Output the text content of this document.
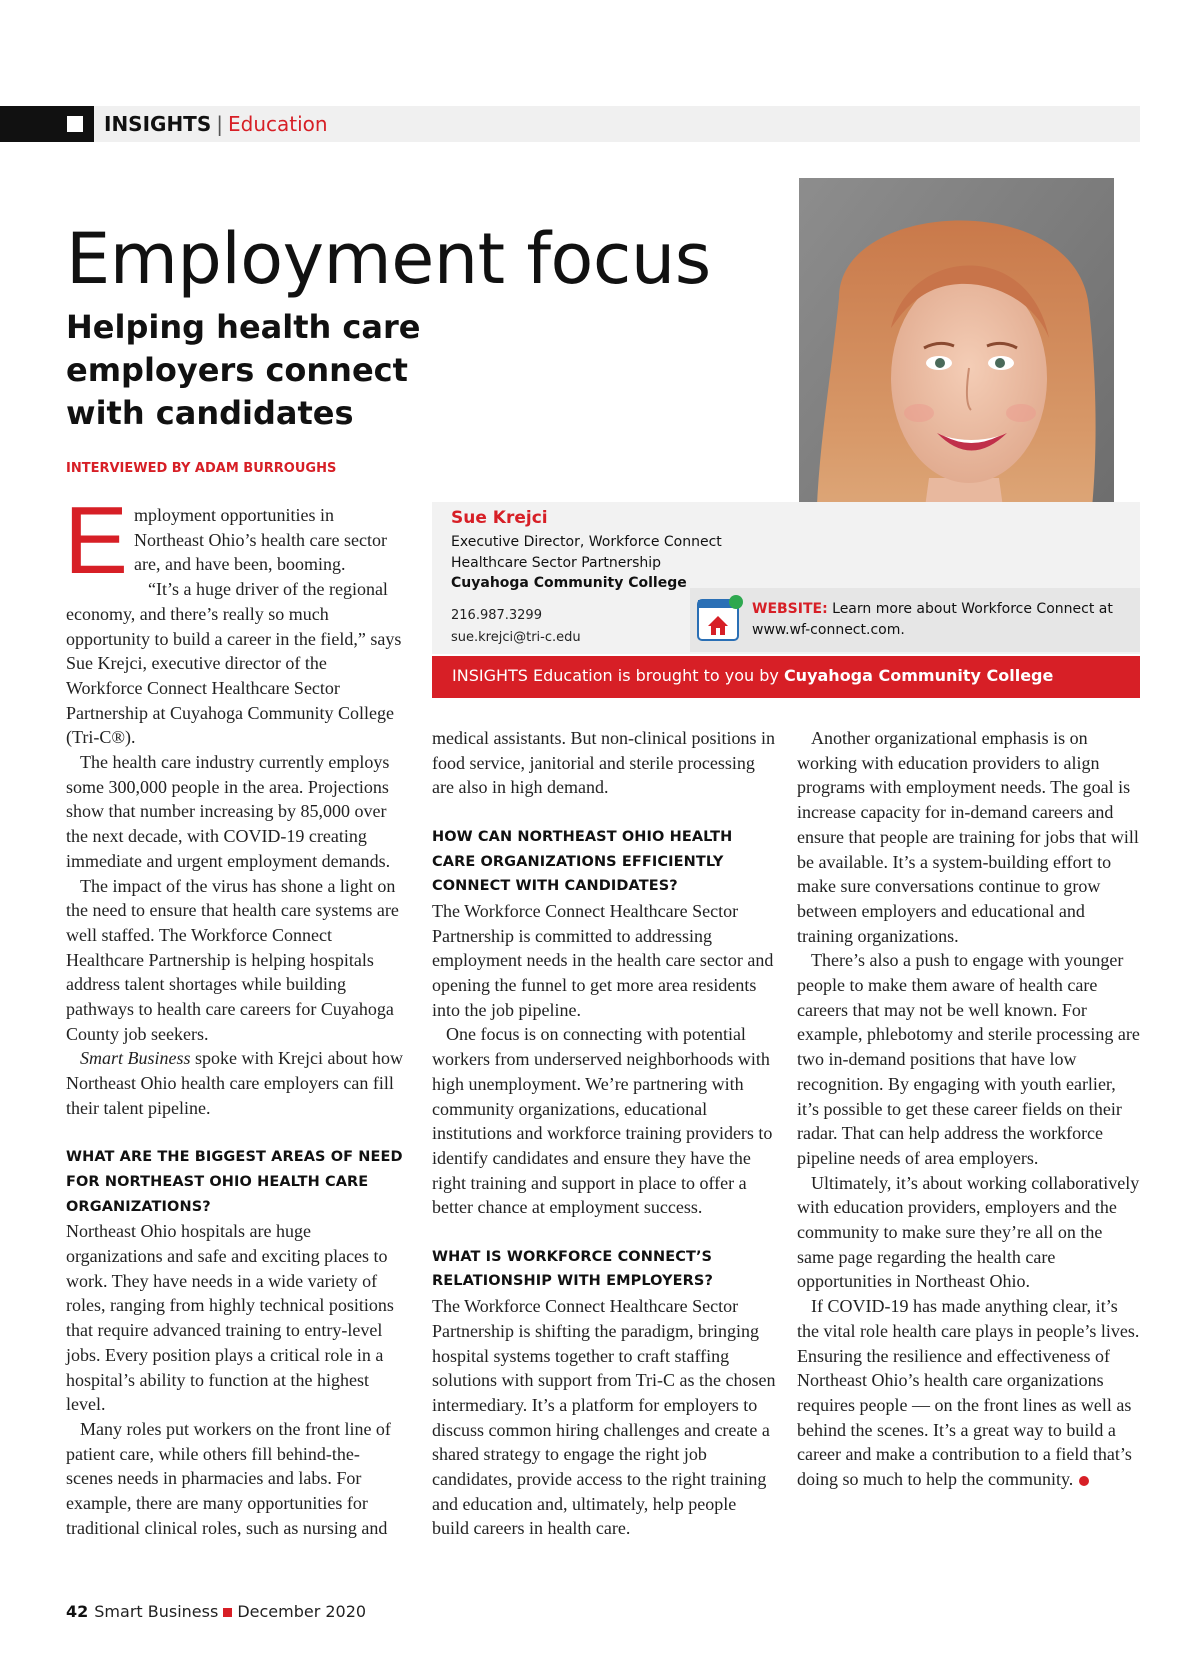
INSIGHTS | Education
Employment focus
Helping health care employers connect with candidates
INTERVIEWED BY ADAM BURROUGHS
Sue Krejci
Executive Director, Workforce Connect Healthcare Sector Partnership
Cuyahoga Community College
216.987.3299
sue.krejci@tri-c.edu
WEBSITE: Learn more about Workforce Connect at www.wf-connect.com.
INSIGHTS Education is brought to you by Cuyahoga Community College

Employment opportunities in Northeast Ohio’s health care sector are, and have been, booming.

“It’s a huge driver of the regional economy, and there’s really so much opportunity to build a career in the field,” says Sue Krejci, executive director of the Workforce Connect Healthcare Sector Partnership at Cuyahoga Community College (Tri-C®).

The health care industry currently employs some 300,000 people in the area. Projections show that number increasing by 85,000 over the next decade, with COVID-19 creating immediate and urgent employment demands.

The impact of the virus has shone a light on the need to ensure that health care systems are well staffed. The Workforce Connect Healthcare Partnership is helping hospitals address talent shortages while building pathways to health care careers for Cuyahoga County job seekers.

Smart Business spoke with Krejci about how Northeast Ohio health care employers can fill their talent pipeline.

WHAT ARE THE BIGGEST AREAS OF NEED FOR NORTHEAST OHIO HEALTH CARE ORGANIZATIONS?

Northeast Ohio hospitals are huge organizations and safe and exciting places to work. They have needs in a wide variety of roles, ranging from highly technical positions that require advanced training to entry-level jobs. Every position plays a critical role in a hospital’s ability to function at the highest level.

Many roles put workers on the front line of patient care, while others fill behind-the-scenes needs in pharmacies and labs. For example, there are many opportunities for traditional clinical roles, such as nursing and

medical assistants. But non-clinical positions in food service, janitorial and sterile processing are also in high demand.

HOW CAN NORTHEAST OHIO HEALTH CARE ORGANIZATIONS EFFICIENTLY CONNECT WITH CANDIDATES?

The Workforce Connect Healthcare Sector Partnership is committed to addressing employment needs in the health care sector and opening the funnel to get more area residents into the job pipeline.

One focus is on connecting with potential workers from underserved neighborhoods with high unemployment. We’re partnering with community organizations, educational institutions and workforce training providers to identify candidates and ensure they have the right training and support in place to offer a better chance at employment success.

WHAT IS WORKFORCE CONNECT’S RELATIONSHIP WITH EMPLOYERS?

The Workforce Connect Healthcare Sector Partnership is shifting the paradigm, bringing hospital systems together to craft staffing solutions with support from Tri-C as the chosen intermediary. It’s a platform for employers to discuss common hiring challenges and create a shared strategy to engage the right job candidates, provide access to the right training and education and, ultimately, help people build careers in health care.

Another organizational emphasis is on working with education providers to align programs with employment needs. The goal is increase capacity for in-demand careers and ensure that people are training for jobs that will be available. It’s a system-building effort to make sure conversations continue to grow between employers and educational and training organizations.

There’s also a push to engage with younger people to make them aware of health care careers that may not be well known. For example, phlebotomy and sterile processing are two in-demand positions that have low recognition. By engaging with youth earlier, it’s possible to get these career fields on their radar. That can help address the workforce pipeline needs of area employers.

Ultimately, it’s about working collaboratively with education providers, employers and the community to make sure they’re all on the same page regarding the health care opportunities in Northeast Ohio.

If COVID-19 has made anything clear, it’s the vital role health care plays in people’s lives. Ensuring the resilience and effectiveness of Northeast Ohio’s health care organizations requires people — on the front lines as well as behind the scenes. It’s a great way to build a career and make a contribution to a field that’s doing so much to help the community.

42 Smart Business December 2020
